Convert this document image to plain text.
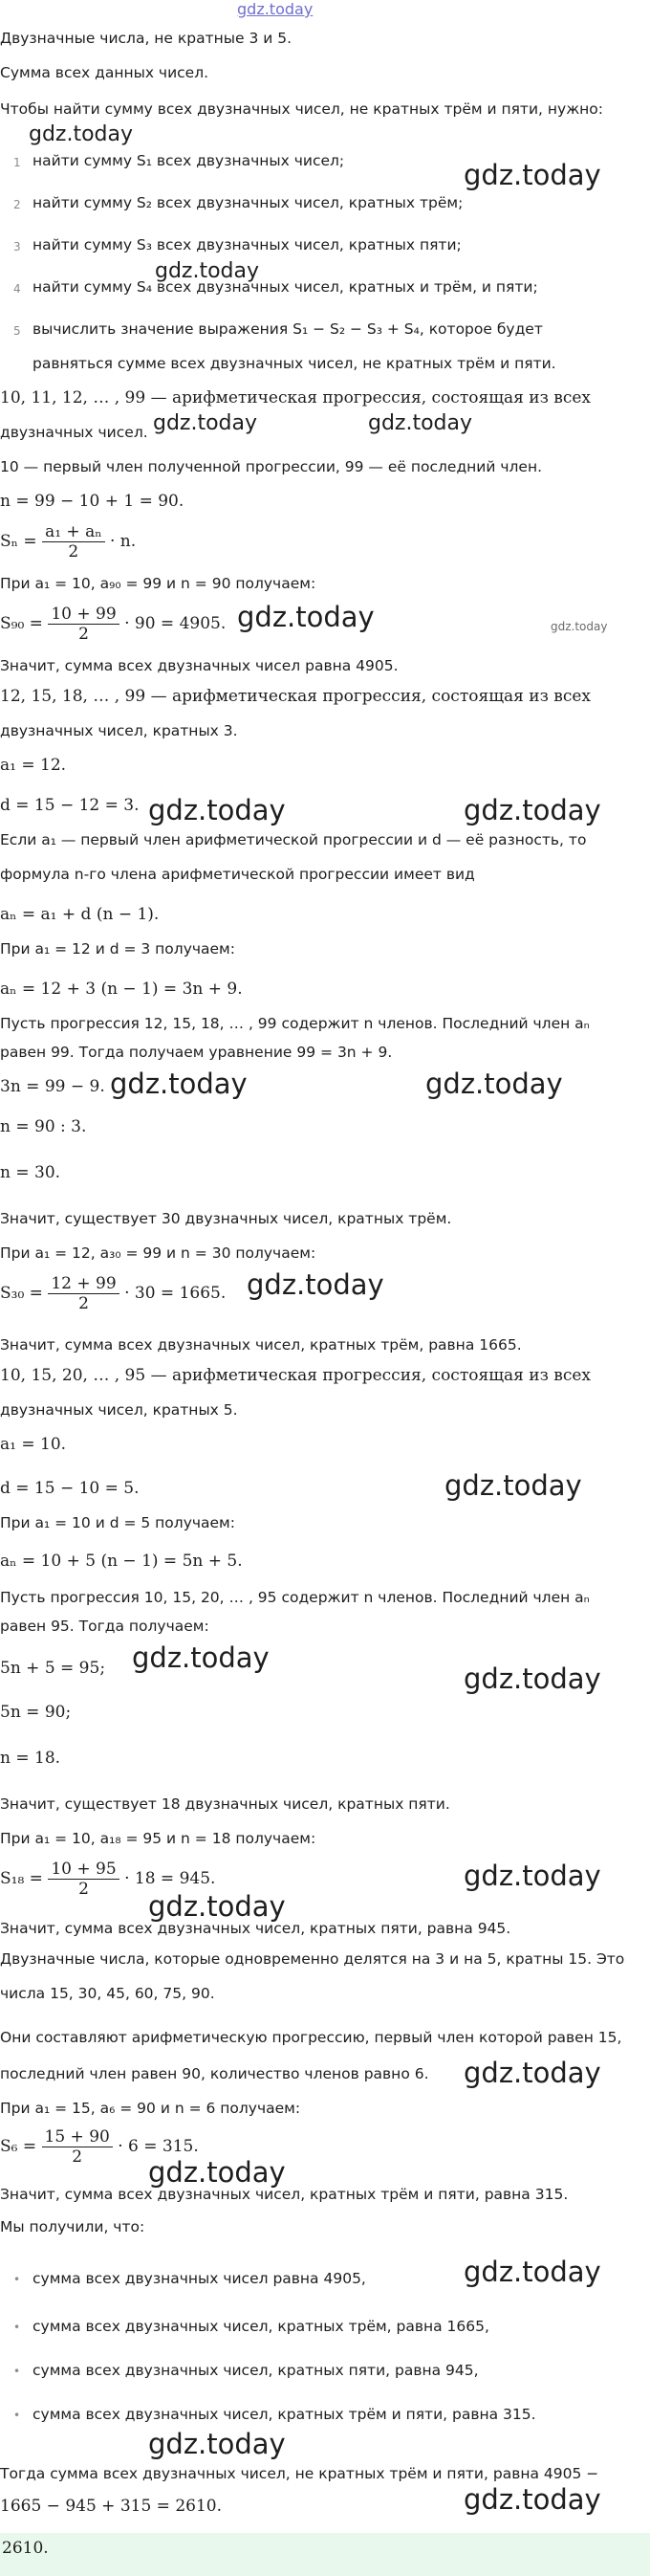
gdz.today
Двузначные числа, не кратные 3 и 5.
Сумма всех данных чисел.
Чтобы найти сумму всех двузначных чисел, не кратных трём и пяти, нужно:
gdz.today
1 найти сумму S₁ всех двузначных чисел;	gdz.today
2 найти сумму S₂ всех двузначных чисел, кратных трём;
3 найти сумму S₃ всех двузначных чисел, кратных пяти;
gdz.today
4 найти сумму S₄ всех двузначных чисел, кратных и трём, и пяти;
5 вычислить значение выражения S₁ − S₂ − S₃ + S₄, которое будет
равняться сумме всех двузначных чисел, не кратных трём и пяти.
10, 11, 12, … , 99 — арифметическая прогрессия, состоящая из всех
двузначных чисел. gdz.today	gdz.today
10 — первый член полученной прогрессии, 99 — её последний член.
n = 99 − 10 + 1 = 90.
$S_n = \frac{\text{a₁ + aₙ}}{2} \cdot n$.
При a₁ = 10, a₉₀ = 99 и n = 90 получаем:
$S_{90} = \frac{10 + 99}{2} \cdot 90 = 4905$. gdz.today	gdz.today
Значит, сумма всех двузначных чисел равна 4905.
12, 15, 18, … , 99 — арифметическая прогрессия, состоящая из всех
двузначных чисел, кратных 3.
a₁ = 12.
d = 15 − 12 = 3. gdz.today	gdz.today
Если a₁ — первый член арифметической прогрессии и d — её разность, то
формула n-го члена арифметической прогрессии имеет вид
aₙ = a₁ + d (n − 1).
При a₁ = 12 и d = 3 получаем:
aₙ = 12 + 3 (n − 1) = 3n + 9.
Пусть прогрессия 12, 15, 18, … , 99 содержит n членов. Последний член aₙ
равен 99. Тогда получаем уравнение 99 = 3n + 9.
3n = 99 − 9. gdz.today	gdz.today
n = 90 : 3.
n = 30.
Значит, существует 30 двузначных чисел, кратных трём.
При a₁ = 12, a₃₀ = 99 и n = 30 получаем:
$S_{30} = \frac{12 + 99}{2} \cdot 30 = 1665$. gdz.today
Значит, сумма всех двузначных чисел, кратных трём, равна 1665.
10, 15, 20, … , 95 — арифметическая прогрессия, состоящая из всех
двузначных чисел, кратных 5.
a₁ = 10.
d = 15 − 10 = 5.	gdz.today
При a₁ = 10 и d = 5 получаем:
aₙ = 10 + 5 (n − 1) = 5n + 5.
Пусть прогрессия 10, 15, 20, … , 95 содержит n членов. Последний член aₙ
равен 95. Тогда получаем:
5n + 5 = 95; gdz.today
gdz.today
5n = 90;
n = 18.
Значит, существует 18 двузначных чисел, кратных пяти.
При a₁ = 10, a₁₈ = 95 и n = 18 получаем:
$S_{18} = \frac{10 + 95}{2} \cdot 18 = 945$.	gdz.today
gdz.today
Значит, сумма всех двузначных чисел, кратных пяти, равна 945.
Двузначные числа, которые одновременно делятся на 3 и на 5, кратны 15. Это
числа 15, 30, 45, 60, 75, 90.
Они составляют арифметическую прогрессию, первый член которой равен 15,
последний член равен 90, количество членов равно 6. gdz.today
При a₁ = 15, a₆ = 90 и n = 6 получаем:
$S_6 = \frac{15 + 90}{2} \cdot 6 = 315$.
gdz.today
Значит, сумма всех двузначных чисел, кратных трём и пяти, равна 315.
Мы получили, что:
• сумма всех двузначных чисел равна 4905,	gdz.today
• сумма всех двузначных чисел, кратных трём, равна 1665,
• сумма всех двузначных чисел, кратных пяти, равна 945,
• сумма всех двузначных чисел, кратных трём и пяти, равна 315.
gdz.today
Тогда сумма всех двузначных чисел, не кратных трём и пяти, равна 4905 −
1665 − 945 + 315 = 2610.	gdz.today
2610.
